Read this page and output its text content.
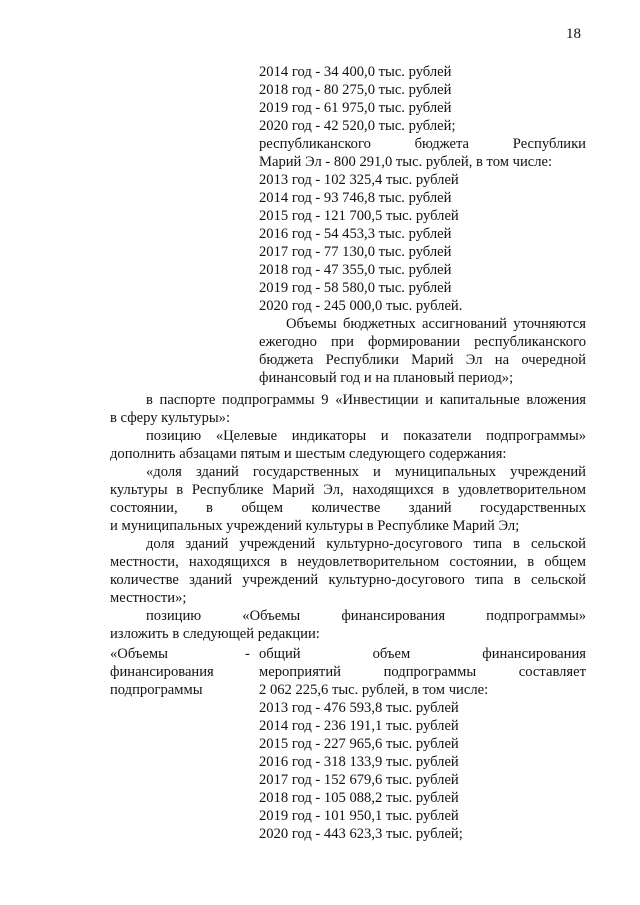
18
2014 год - 34 400,0 тыс. рублей
2018 год - 80 275,0 тыс. рублей
2019 год - 61 975,0 тыс. рублей
2020 год - 42 520,0 тыс. рублей;
республиканского	бюджета	Республики
Марий Эл - 800 291,0 тыс. рублей, в том числе:
2013 год - 102 325,4 тыс. рублей
2014 год - 93 746,8 тыс. рублей
2015 год - 121 700,5 тыс. рублей
2016 год - 54 453,3 тыс. рублей
2017 год - 77 130,0 тыс. рублей
2018 год - 47 355,0 тыс. рублей
2019 год - 58 580,0 тыс. рублей
2020 год - 245 000,0 тыс. рублей.
Объемы бюджетных ассигнований уточняются
ежегодно при формировании республиканского
бюджета Республики Марий Эл на очередной
финансовый год и на плановый период»;
в паспорте подпрограммы 9 «Инвестиции и капитальные вложения
в сферу культуры»:
позицию «Целевые индикаторы и показатели подпрограммы»
дополнить абзацами пятым и шестым следующего содержания:
«доля зданий государственных и муниципальных учреждений
культуры в Республике Марий Эл, находящихся в удовлетворительном
состоянии, в общем количестве зданий государственных
и муниципальных учреждений культуры в Республике Марий Эл;
доля зданий учреждений культурно-досугового типа в сельской
местности, находящихся в неудовлетворительном состоянии, в общем
количестве зданий учреждений культурно-досугового типа в сельской
местности»;
позицию «Объемы финансирования подпрограммы»
изложить в следующей редакции:
«Объемы
финансирования
подпрограммы
- общий объем финансирования
мероприятий подпрограммы составляет
2 062 225,6 тыс. рублей, в том числе:
2013 год - 476 593,8 тыс. рублей
2014 год - 236 191,1 тыс. рублей
2015 год - 227 965,6 тыс. рублей
2016 год - 318 133,9 тыс. рублей
2017 год - 152 679,6 тыс. рублей
2018 год - 105 088,2 тыс. рублей
2019 год - 101 950,1 тыс. рублей
2020 год - 443 623,3 тыс. рублей;
